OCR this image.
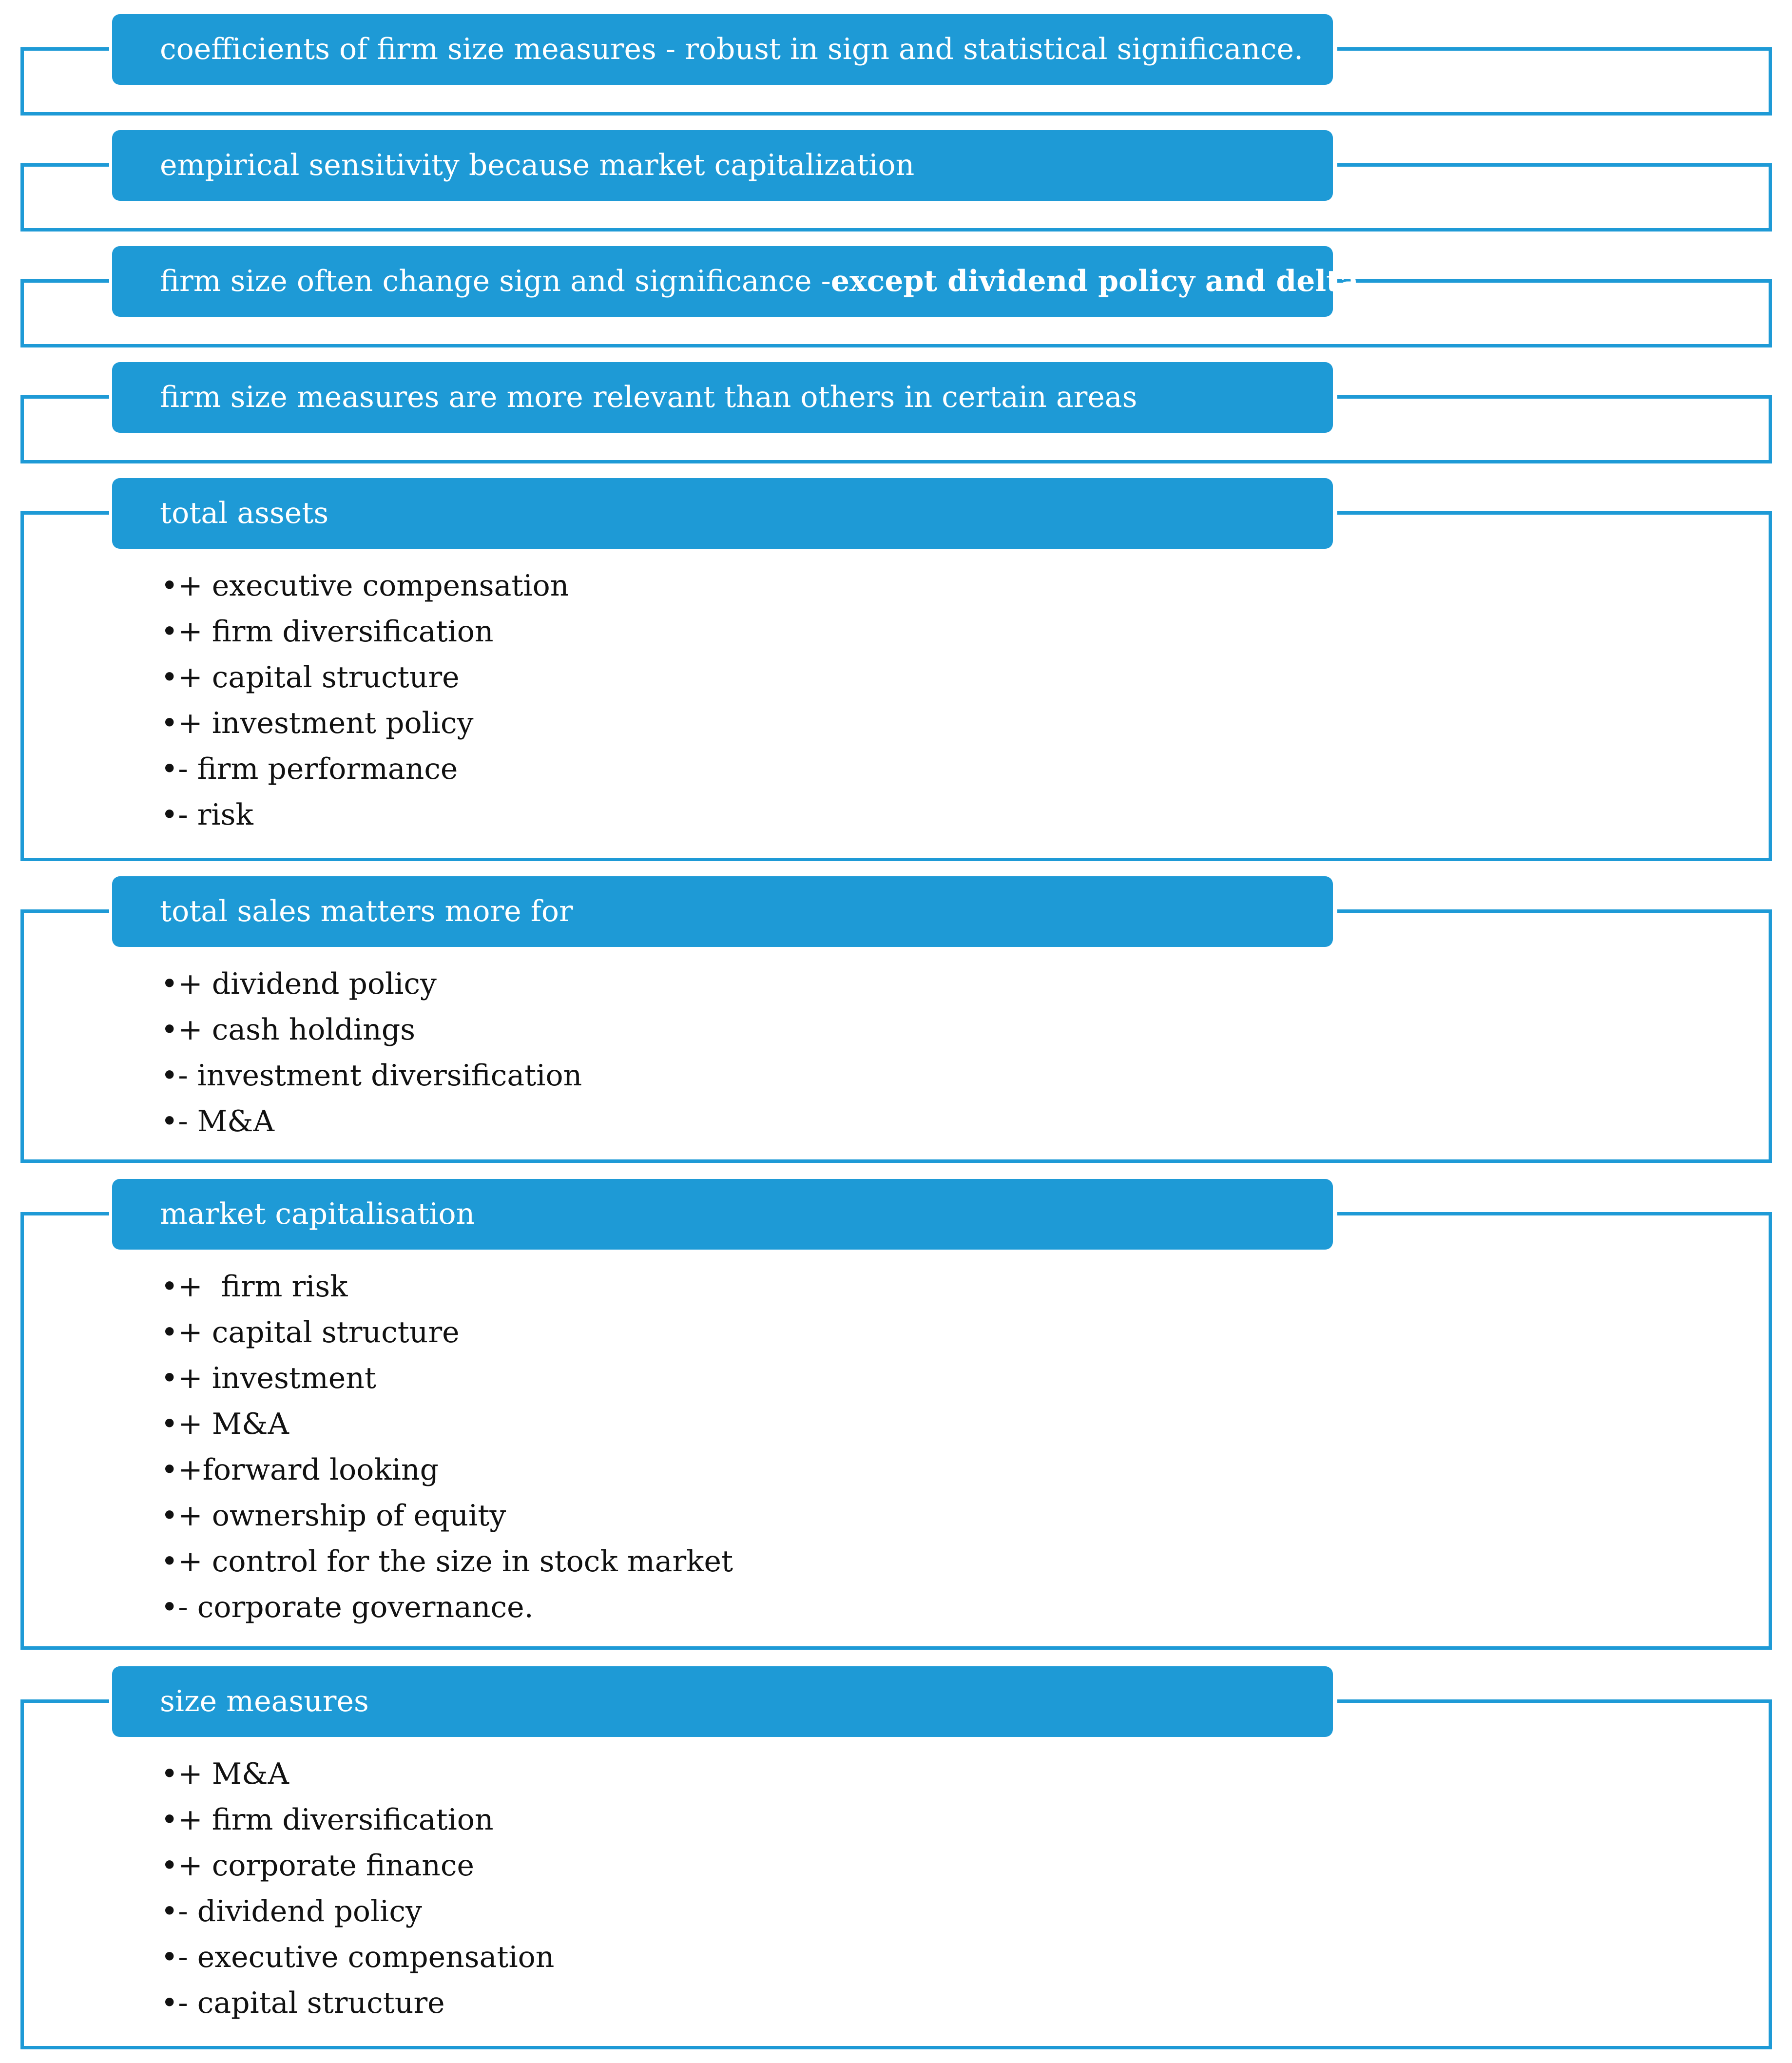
coefficients of firm size measures - robust in sign and statistical significance.
empirical sensitivity because market capitalization
firm size often change sign and significance -except dividend policy and delta
firm size measures are more relevant than others in certain areas
total assets
•+ executive compensation
•+ firm diversification
•+ capital structure
•+ investment policy
•- firm performance
•- risk
total sales matters more for
•+ dividend policy
•+ cash holdings
•- investment diversification
•- M&A
market capitalisation
•+  firm risk
•+ capital structure
•+ investment
•+ M&A
•+forward looking
•+ ownership of equity
•+ control for the size in stock market
•- corporate governance.
size measures
•+ M&A
•+ firm diversification
•+ corporate finance
•- dividend policy
•- executive compensation
•- capital structure
